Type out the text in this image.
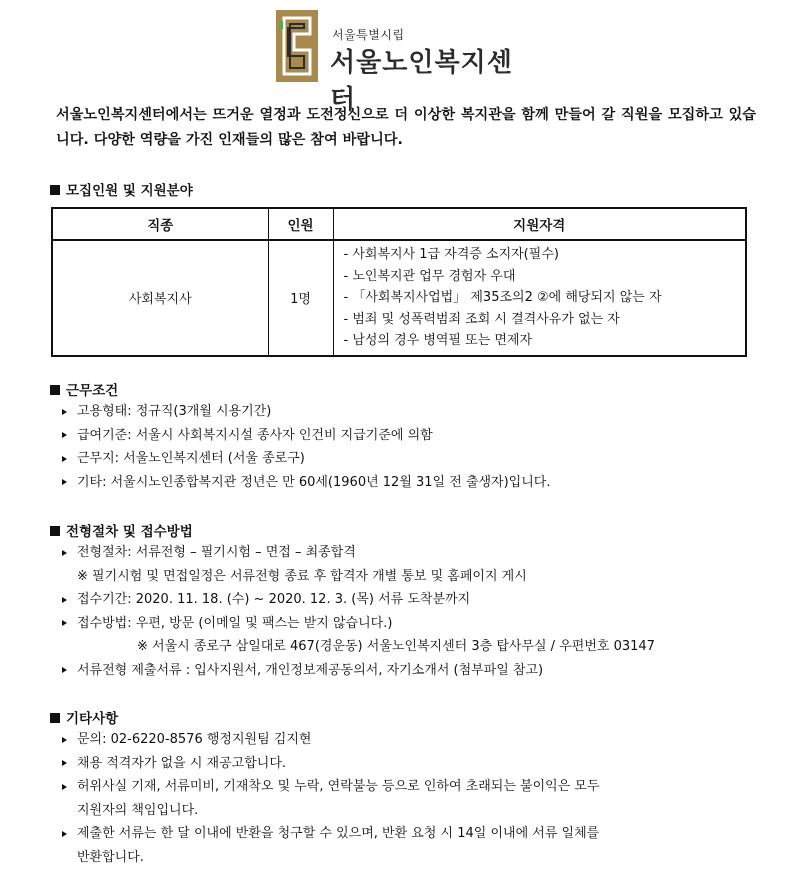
서울특별시립
서울노인복지센터

서울노인복지센터에서는 뜨거운 열정과 도전정신으로 더 이상한 복지관을 함께 만들어 갈 직원을 모집하고 있습니다. 다양한 역량을 가진 인재들의 많은 참여 바랍니다.

모집인원 및 지원분야
직종	인원	지원자격
사회복지사	1명	- 사회복지사 1급 자격증 소지자(필수)
- 노인복지관 업무 경험자 우대
- 「사회복지사업법」 제35조의2 ②에 해당되지 않는 자
- 범죄 및 성폭력범죄 조회 시 결격사유가 없는 자
- 남성의 경우 병역필 또는 면제자
근무조건
고용형태: 정규직(3개월 시용기간)
급여기준: 서울시 사회복지시설 종사자 인건비 지급기준에 의함
근무지: 서울노인복지센터 (서울 종로구)
기타: 서울시노인종합복지관 정년은 만 60세(1960년 12월 31일 전 출생자)입니다.
전형절차 및 접수방법
전형절차: 서류전형 – 필기시험 – 면접 – 최종합격
※ 필기시험 및 면접일정은 서류전형 종료 후 합격자 개별 통보 및 홈페이지 게시
접수기간: 2020. 11. 18. (수) ~ 2020. 12. 3. (목) 서류 도착분까지
접수방법: 우편, 방문 (이메일 및 팩스는 받지 않습니다.)
※ 서울시 종로구 삼일대로 467(경운동) 서울노인복지센터 3층 탑사무실 / 우편번호 03147
서류전형 제출서류 : 입사지원서, 개인정보제공동의서, 자기소개서 (첨부파일 참고)
기타사항
문의: 02-6220-8576 행정지원팀 김지현
채용 적격자가 없을 시 재공고합니다.
허위사실 기재, 서류미비, 기재착오 및 누락, 연락불능 등으로 인하여 초래되는 불이익은 모두
지원자의 책임입니다.
제출한 서류는 한 달 이내에 반환을 청구할 수 있으며, 반환 요청 시 14일 이내에 서류 일체를
반환합니다.
